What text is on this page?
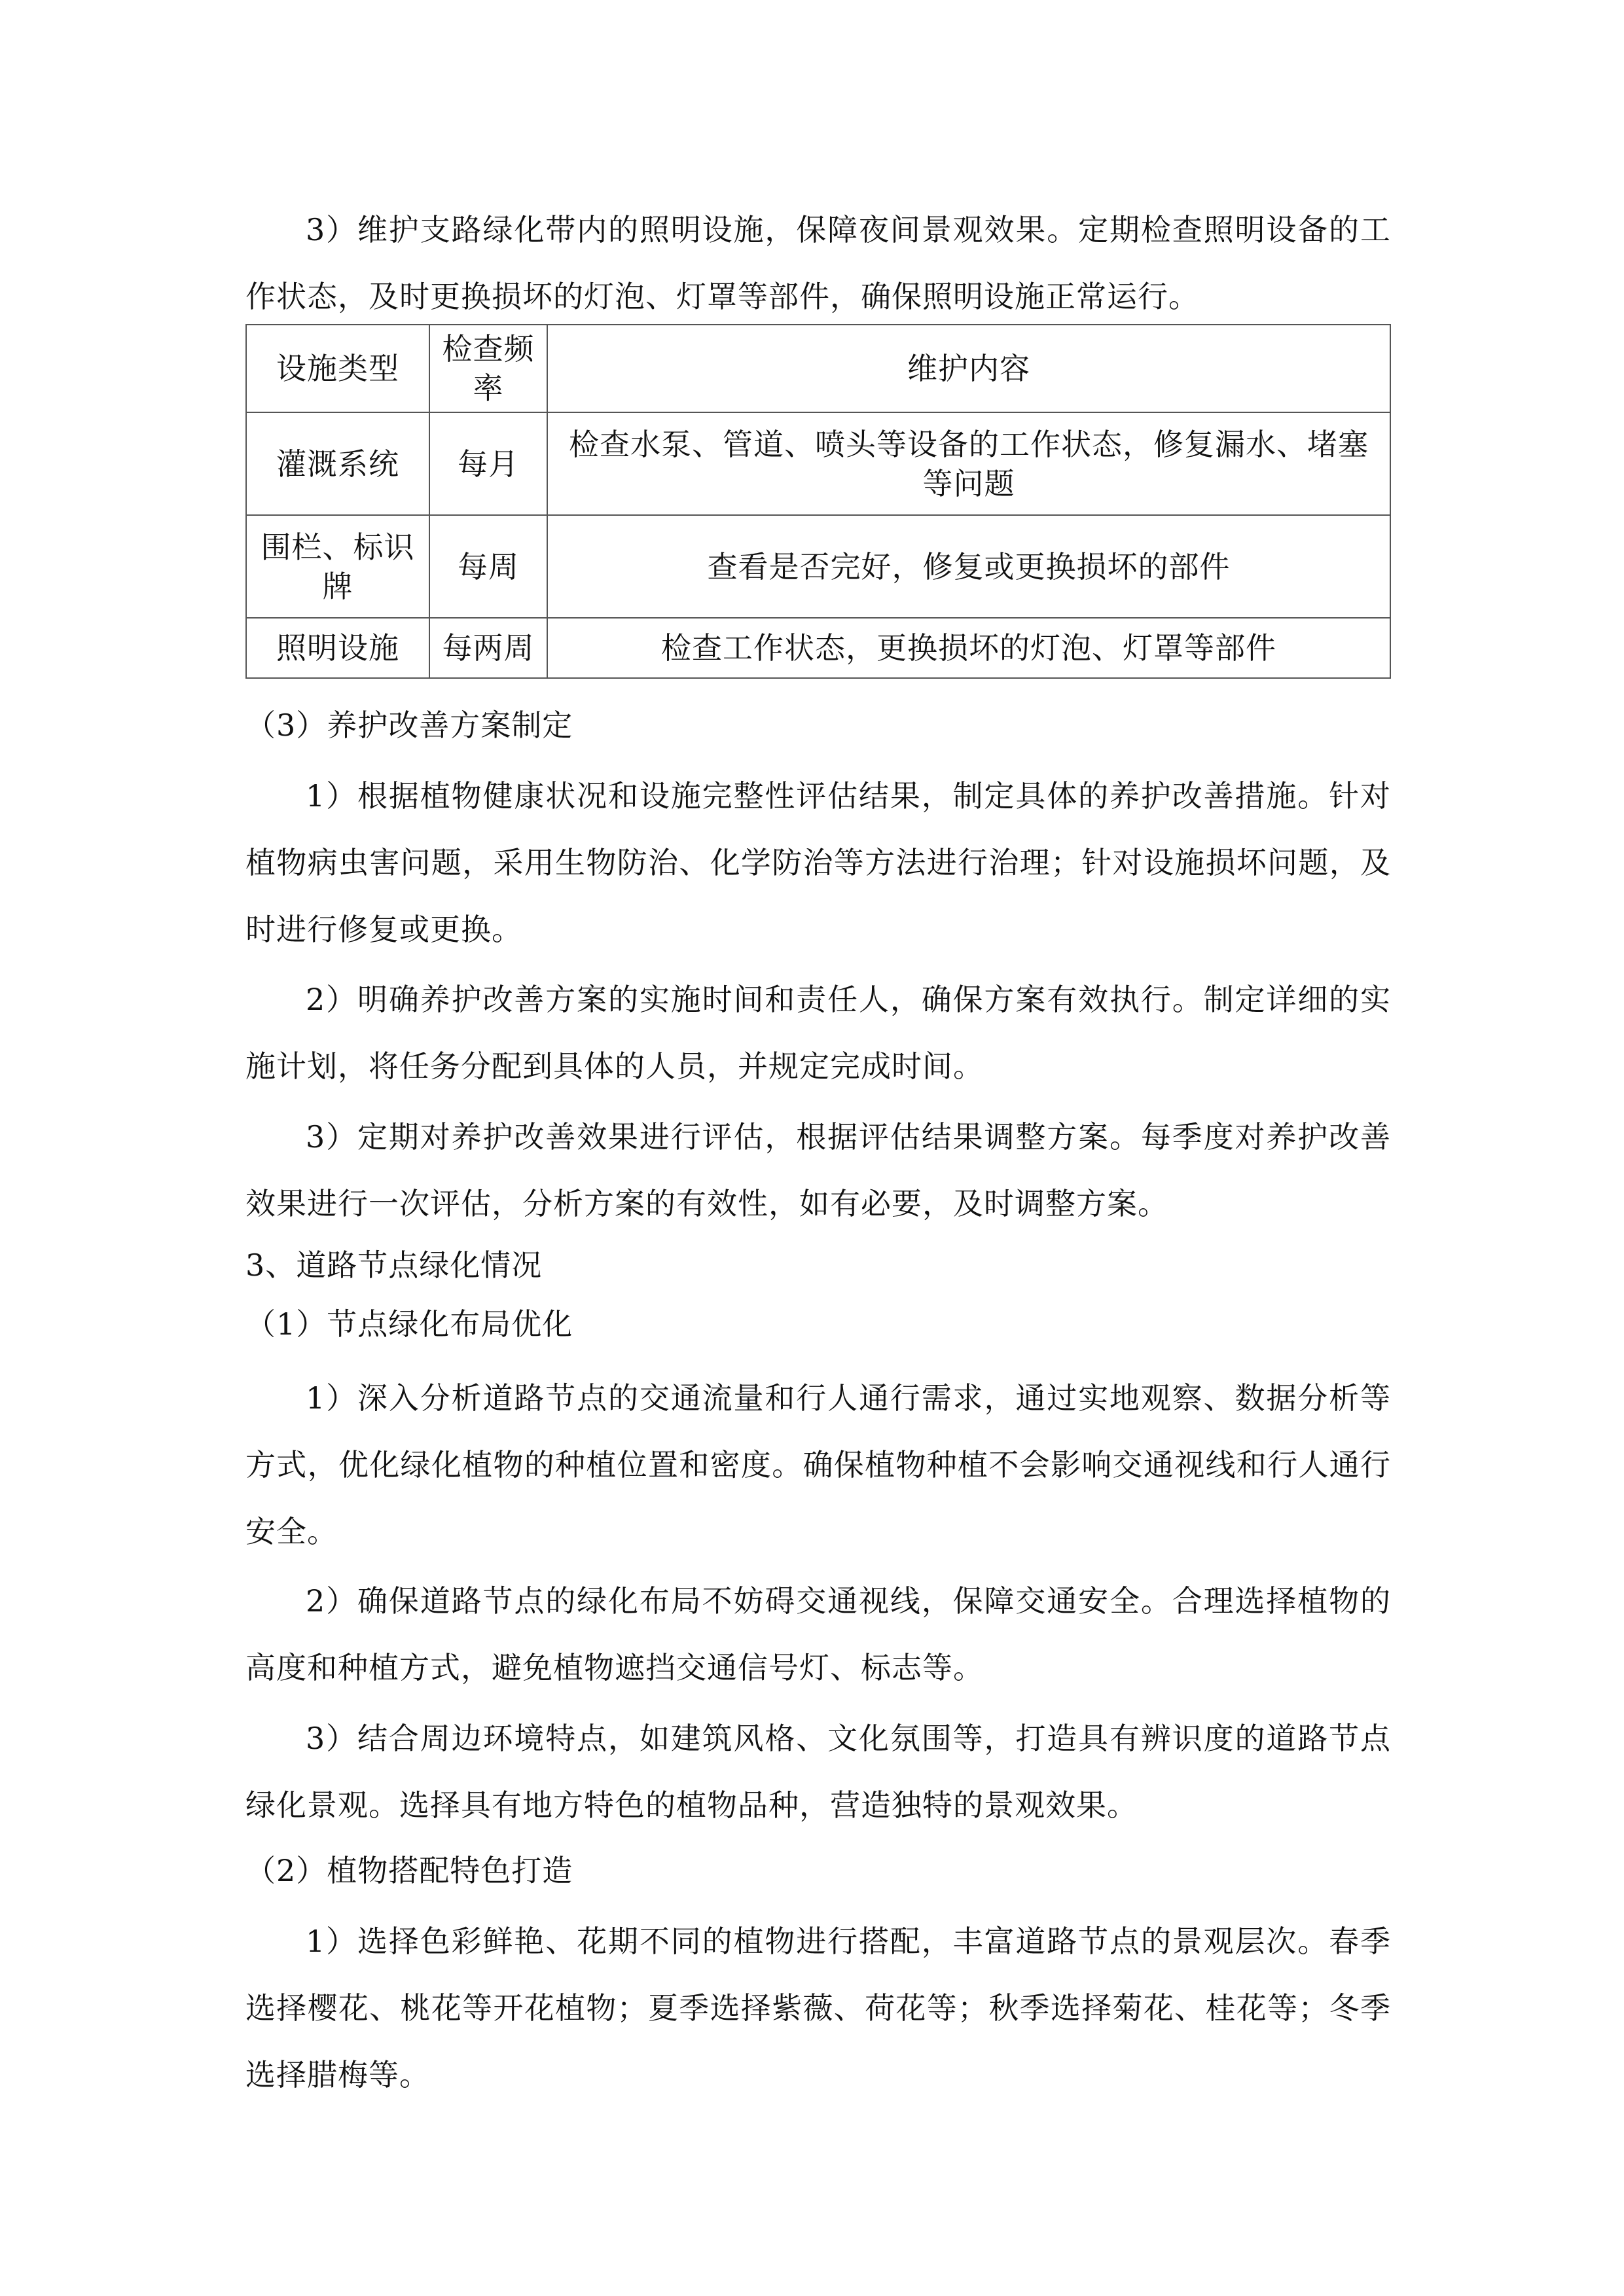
3）维护支路绿化带内的照明设施，保障夜间景观效果。定期检查照明设备的工作状态，及时更换损坏的灯泡、灯罩等部件，确保照明设施正常运行。

设施类型	检查频率	维护内容
灌溉系统	每月	检查水泵、管道、喷头等设备的工作状态，修复漏水、堵塞等问题
围栏、标识牌	每周	查看是否完好，修复或更换损坏的部件
照明设施	每两周	检查工作状态，更换损坏的灯泡、灯罩等部件

（3）养护改善方案制定

1）根据植物健康状况和设施完整性评估结果，制定具体的养护改善措施。针对植物病虫害问题，采用生物防治、化学防治等方法进行治理；针对设施损坏问题，及时进行修复或更换。

2）明确养护改善方案的实施时间和责任人，确保方案有效执行。制定详细的实施计划，将任务分配到具体的人员，并规定完成时间。

3）定期对养护改善效果进行评估，根据评估结果调整方案。每季度对养护改善效果进行一次评估，分析方案的有效性，如有必要，及时调整方案。

3、道路节点绿化情况

（1）节点绿化布局优化

1）深入分析道路节点的交通流量和行人通行需求，通过实地观察、数据分析等方式，优化绿化植物的种植位置和密度。确保植物种植不会影响交通视线和行人通行安全。

2）确保道路节点的绿化布局不妨碍交通视线，保障交通安全。合理选择植物的高度和种植方式，避免植物遮挡交通信号灯、标志等。

3）结合周边环境特点，如建筑风格、文化氛围等，打造具有辨识度的道路节点绿化景观。选择具有地方特色的植物品种，营造独特的景观效果。

（2）植物搭配特色打造

1）选择色彩鲜艳、花期不同的植物进行搭配，丰富道路节点的景观层次。春季选择樱花、桃花等开花植物；夏季选择紫薇、荷花等；秋季选择菊花、桂花等；冬季选择腊梅等。
